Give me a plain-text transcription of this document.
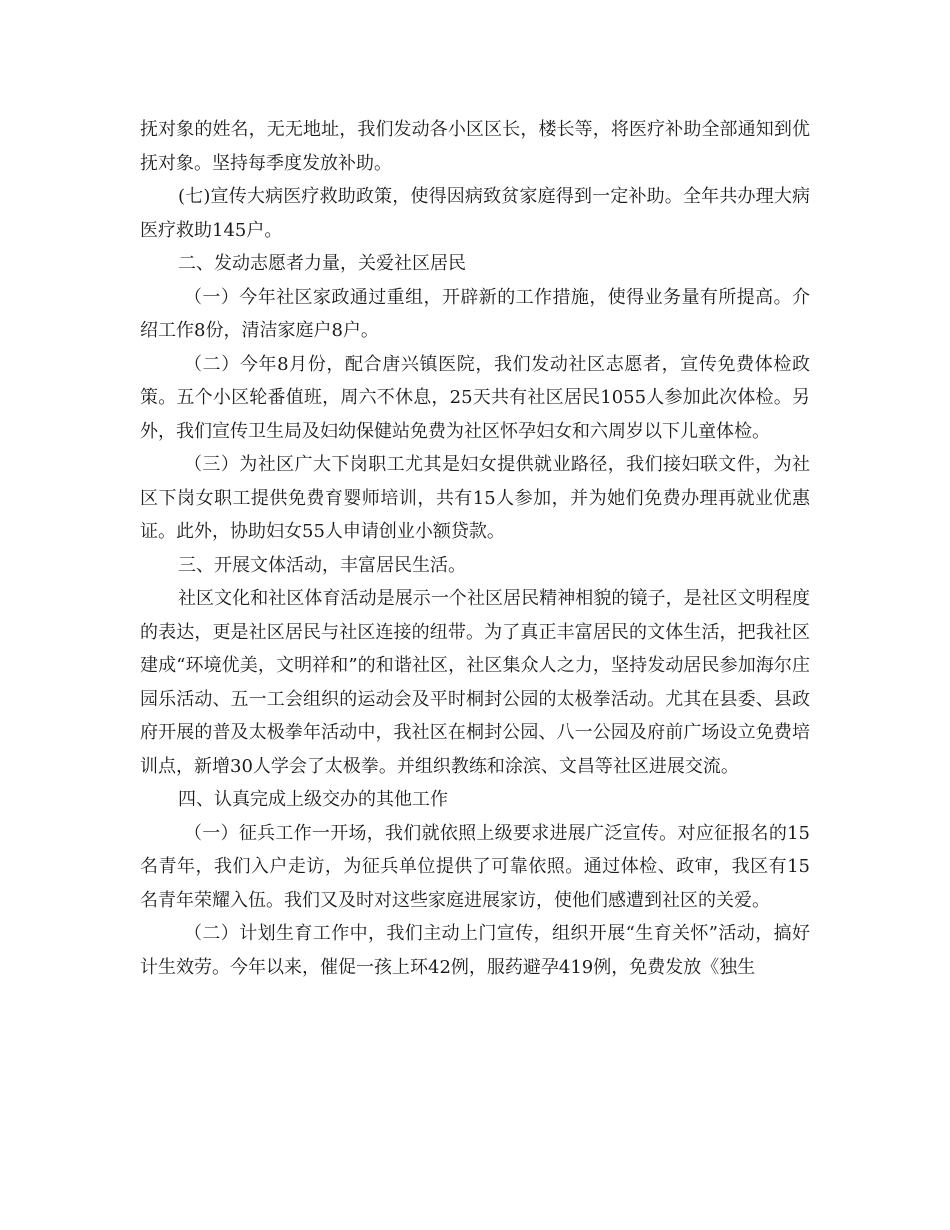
抚对象的姓名，无无地址，我们发动各小区区长，楼长等，将医疗补助全部通知到优抚对象。坚持每季度发放补助。

(七)宣传大病医疗救助政策，使得因病致贫家庭得到一定补助。全年共办理大病医疗救助145户。

二、发动志愿者力量，关爱社区居民

（一）今年社区家政通过重组，开辟新的工作措施，使得业务量有所提高。介绍工作8份，清洁家庭户8户。

（二）今年8月份，配合唐兴镇医院，我们发动社区志愿者，宣传免费体检政策。五个小区轮番值班，周六不休息，25天共有社区居民1055人参加此次体检。另外，我们宣传卫生局及妇幼保健站免费为社区怀孕妇女和六周岁以下儿童体检。

（三）为社区广大下岗职工尤其是妇女提供就业路径，我们接妇联文件，为社区下岗女职工提供免费育婴师培训，共有15人参加，并为她们免费办理再就业优惠证。此外，协助妇女55人申请创业小额贷款。

三、开展文体活动，丰富居民生活。

社区文化和社区体育活动是展示一个社区居民精神相貌的镜子，是社区文明程度的表达，更是社区居民与社区连接的纽带。为了真正丰富居民的文体生活，把我社区建成“环境优美，文明祥和”的和谐社区，社区集众人之力，坚持发动居民参加海尔庄园乐活动、五一工会组织的运动会及平时桐封公园的太极拳活动。尤其在县委、县政府开展的普及太极拳年活动中，我社区在桐封公园、八一公园及府前广场设立免费培训点，新增30人学会了太极拳。并组织教练和涂滨、文昌等社区进展交流。

四、认真完成上级交办的其他工作

（一）征兵工作一开场，我们就依照上级要求进展广泛宣传。对应征报名的15名青年，我们入户走访，为征兵单位提供了可靠依照。通过体检、政审，我区有15名青年荣耀入伍。我们又及时对这些家庭进展家访，使他们感遭到社区的关爱。

（二）计划生育工作中，我们主动上门宣传，组织开展“生育关怀”活动，搞好计生效劳。今年以来，催促一孩上环42例，服药避孕419例，免费发放《独生
